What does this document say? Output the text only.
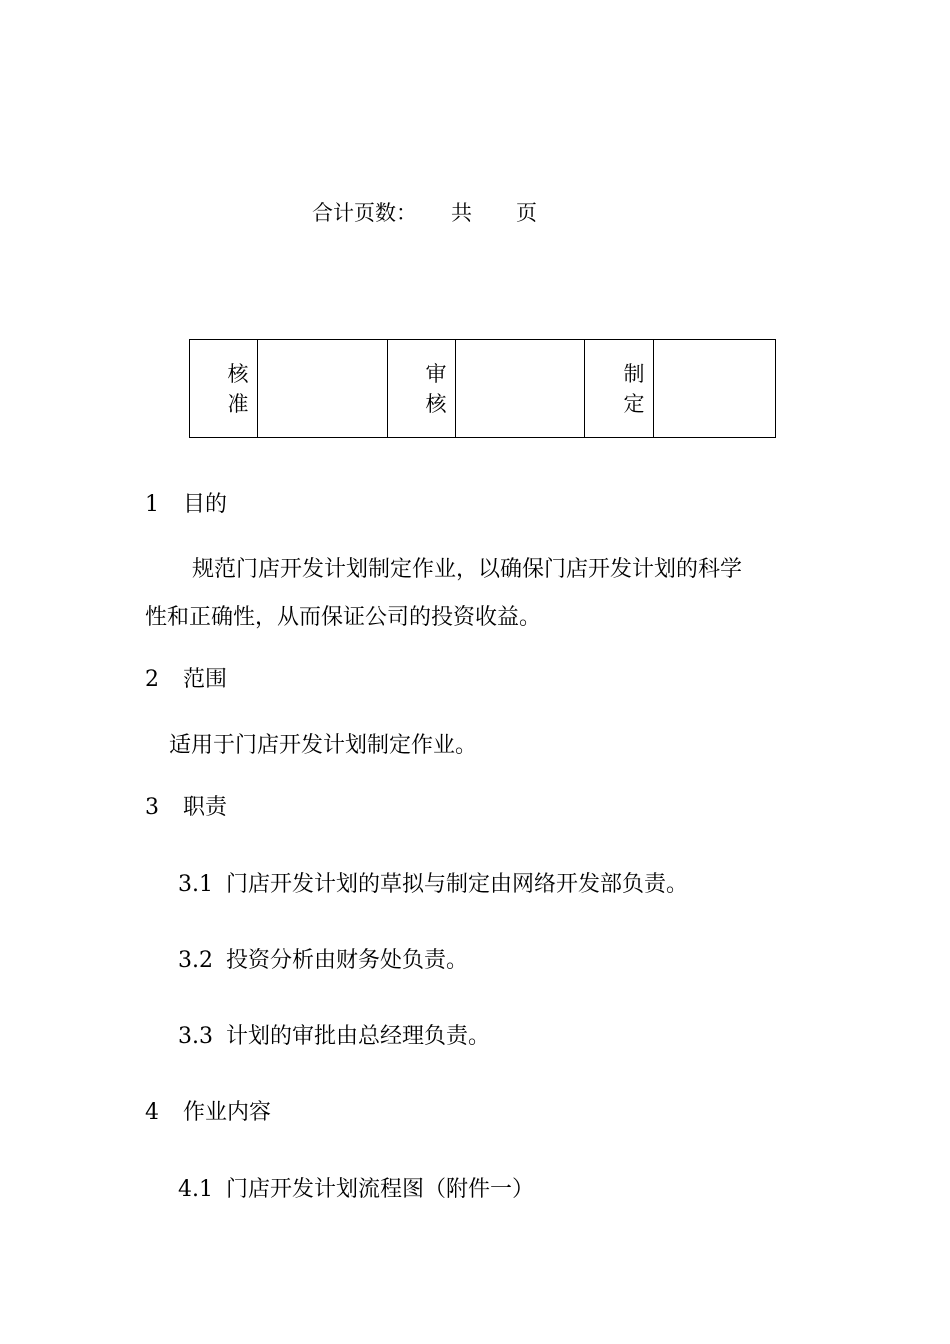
合计页数： 共 页
核准		审核		制定	
1 目的
规范门店开发计划制定作业，以确保门店开发计划的科学
性和正确性，从而保证公司的投资收益。
2 范围
适用于门店开发计划制定作业。
3 职责
3.1 门店开发计划的草拟与制定由网络开发部负责。
3.2 投资分析由财务处负责。
3.3 计划的审批由总经理负责。
4 作业内容
4.1 门店开发计划流程图（附件一）
